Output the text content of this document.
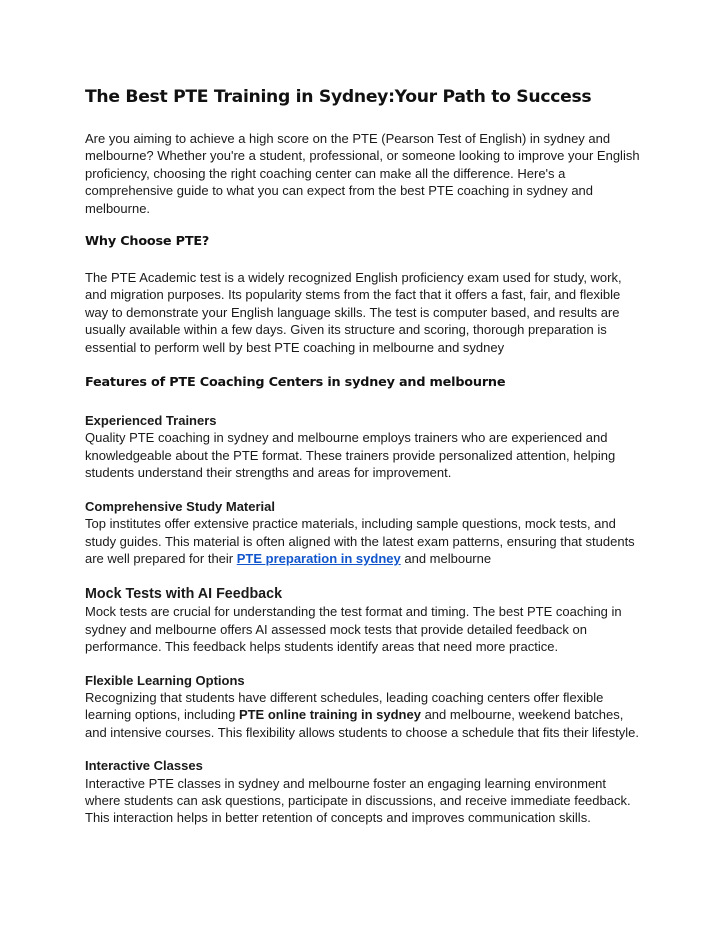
The Best PTE Training in Sydney:Your Path to Success

Are you aiming to achieve a high score on the PTE (Pearson Test of English) in sydney and melbourne? Whether you're a student, professional, or someone looking to improve your English proficiency, choosing the right coaching center can make all the difference. Here's a comprehensive guide to what you can expect from the best PTE coaching in sydney and melbourne.

Why Choose PTE?

The PTE Academic test is a widely recognized English proficiency exam used for study, work, and migration purposes. Its popularity stems from the fact that it offers a fast, fair, and flexible way to demonstrate your English language skills. The test is computer based, and results are usually available within a few days. Given its structure and scoring, thorough preparation is essential to perform well by best PTE coaching in melbourne and sydney

Features of PTE Coaching Centers in sydney and melbourne
Experienced Trainers

Quality PTE coaching in sydney and melbourne employs trainers who are experienced and knowledgeable about the PTE format. These trainers provide personalized attention, helping students understand their strengths and areas for improvement.

Comprehensive Study Material

Top institutes offer extensive practice materials, including sample questions, mock tests, and study guides. This material is often aligned with the latest exam patterns, ensuring that students are well prepared for their PTE preparation in sydney and melbourne

Mock Tests with AI Feedback

Mock tests are crucial for understanding the test format and timing. The best PTE coaching in sydney and melbourne offers AI assessed mock tests that provide detailed feedback on performance. This feedback helps students identify areas that need more practice.

Flexible Learning Options

Recognizing that students have different schedules, leading coaching centers offer flexible learning options, including PTE online training in sydney and melbourne, weekend batches, and intensive courses. This flexibility allows students to choose a schedule that fits their lifestyle.

Interactive Classes

Interactive PTE classes in sydney and melbourne foster an engaging learning environment where students can ask questions, participate in discussions, and receive immediate feedback. This interaction helps in better retention of concepts and improves communication skills.
